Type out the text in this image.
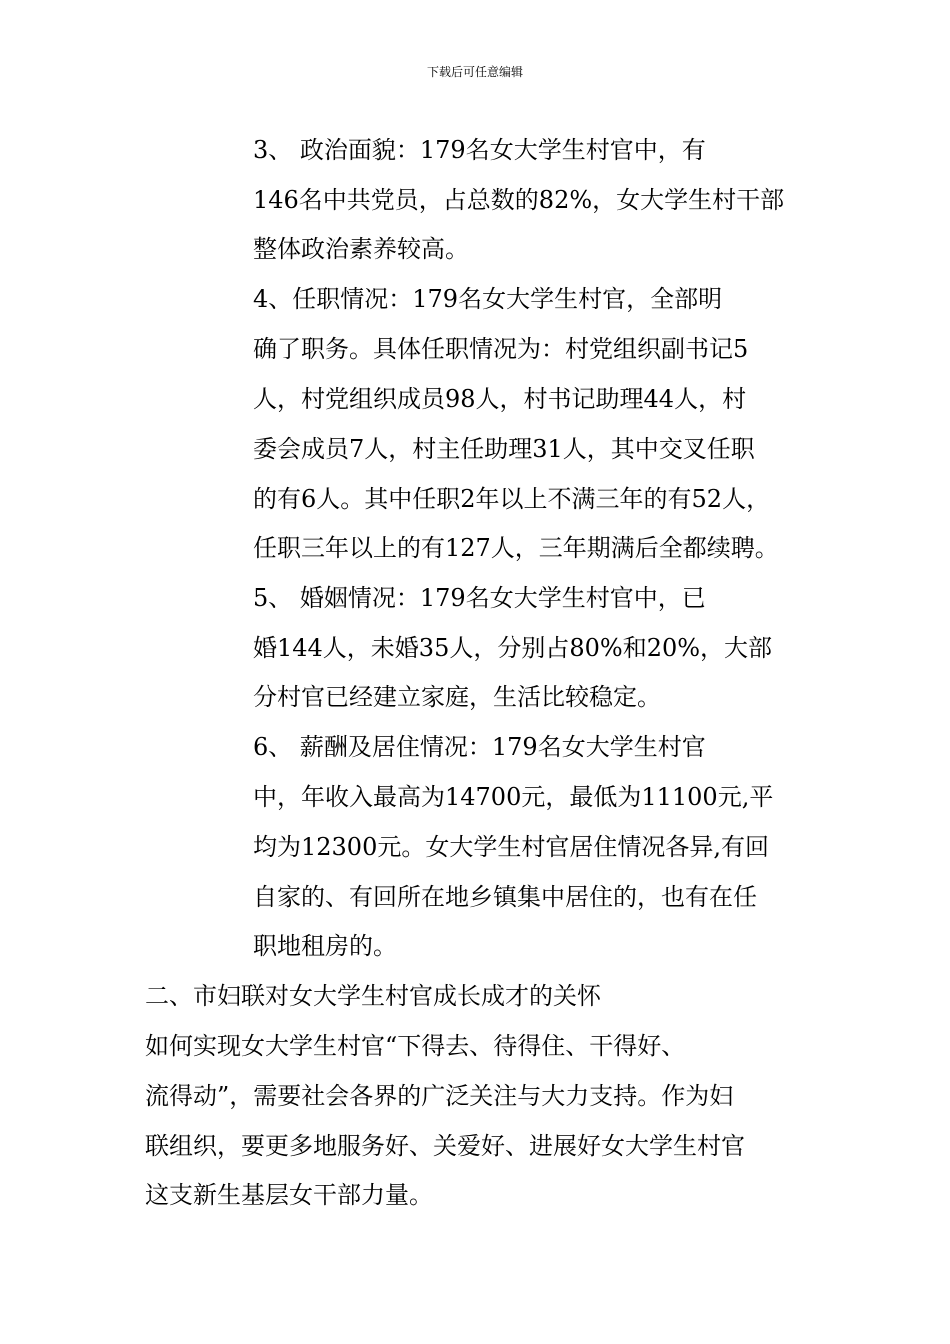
下载后可任意编辑
3、 政治面貌：179名女大学生村官中，有
146名中共党员，占总数的82%，女大学生村干部
整体政治素养较高。
4、任职情况：179名女大学生村官，全部明
确了职务。具体任职情况为：村党组织副书记5
人，村党组织成员98人，村书记助理44人，村
委会成员7人，村主任助理31人，其中交叉任职
的有6人。其中任职2年以上不满三年的有52人，
任职三年以上的有127人，三年期满后全都续聘。
5、 婚姻情况：179名女大学生村官中，已
婚144人，未婚35人，分别占80%和20%，大部
分村官已经建立家庭，生活比较稳定。
6、 薪酬及居住情况：179名女大学生村官
中，年收入最高为14700元，最低为11100元,平
均为12300元。女大学生村官居住情况各异,有回
自家的、有回所在地乡镇集中居住的，也有在任
职地租房的。
二、市妇联对女大学生村官成长成才的关怀
如何实现女大学生村官“下得去、待得住、干得好、
流得动”，需要社会各界的广泛关注与大力支持。作为妇
联组织，要更多地服务好、关爱好、进展好女大学生村官
这支新生基层女干部力量。
